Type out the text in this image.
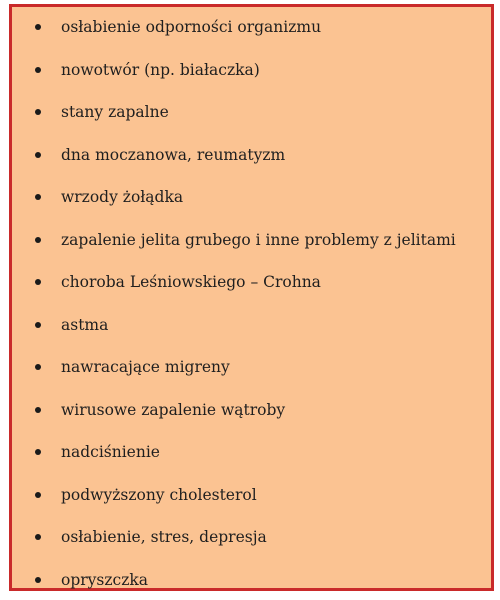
osłabienie odporności organizmu
nowotwór (np. białaczka)
stany zapalne
dna moczanowa, reumatyzm
wrzody żołądka
zapalenie jelita grubego i inne problemy z jelitami
choroba Leśniowskiego – Crohna
astma
nawracające migreny
wirusowe zapalenie wątroby
nadciśnienie
podwyższony cholesterol
osłabienie, stres, depresja
opryszczka
